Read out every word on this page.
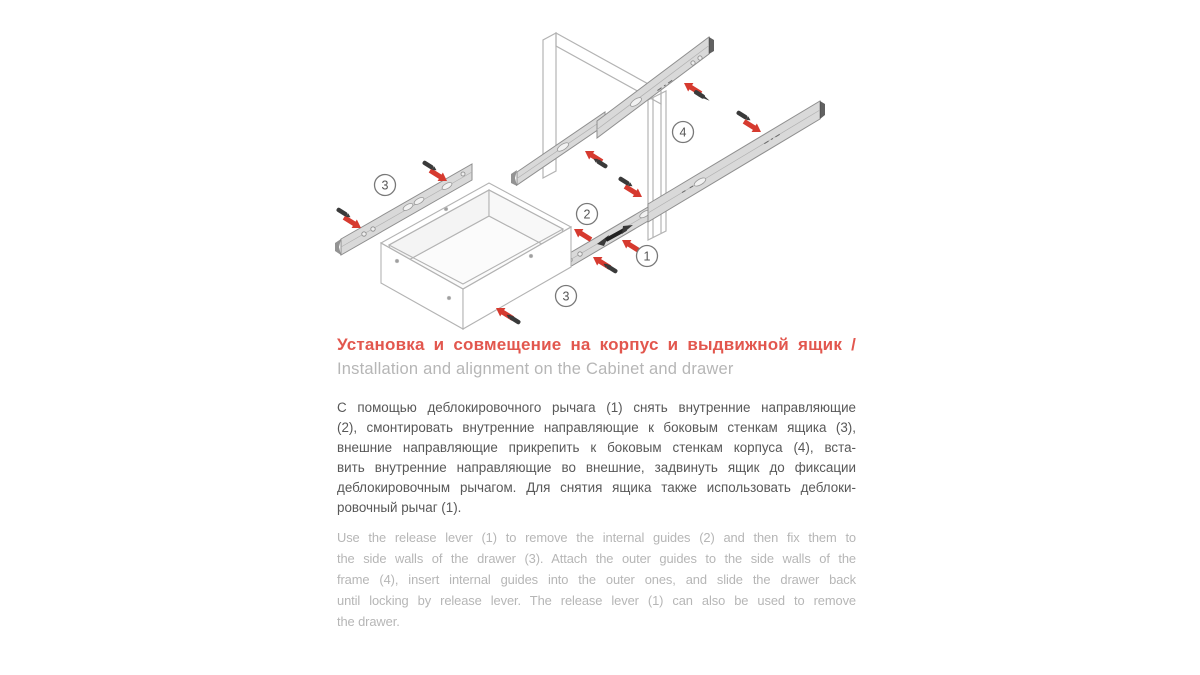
1
2
3
3
4
Установка и совмещение на корпус и выдвижной ящик /
Installation and alignment on the Cabinet and drawer
С помощью деблокировочного рычага (1) снять внутренние направляющие
(2), смонтировать внутренние направляющие к боковым стенкам ящика (3),
внешние направляющие прикрепить к боковым стенкам корпуса (4), вста-
вить внутренние направляющие во внешние, задвинуть ящик до фиксации
деблокировочным рычагом. Для снятия ящика также использовать деблоки-
ровочный рычаг (1).
Use the release lever (1) to remove the internal guides (2) and then fix them to
the side walls of the drawer (3). Attach the outer guides to the side walls of the
frame (4), insert internal guides into the outer ones, and slide the drawer back
until locking by release lever. The release lever (1) can also be used to remove
the drawer.
